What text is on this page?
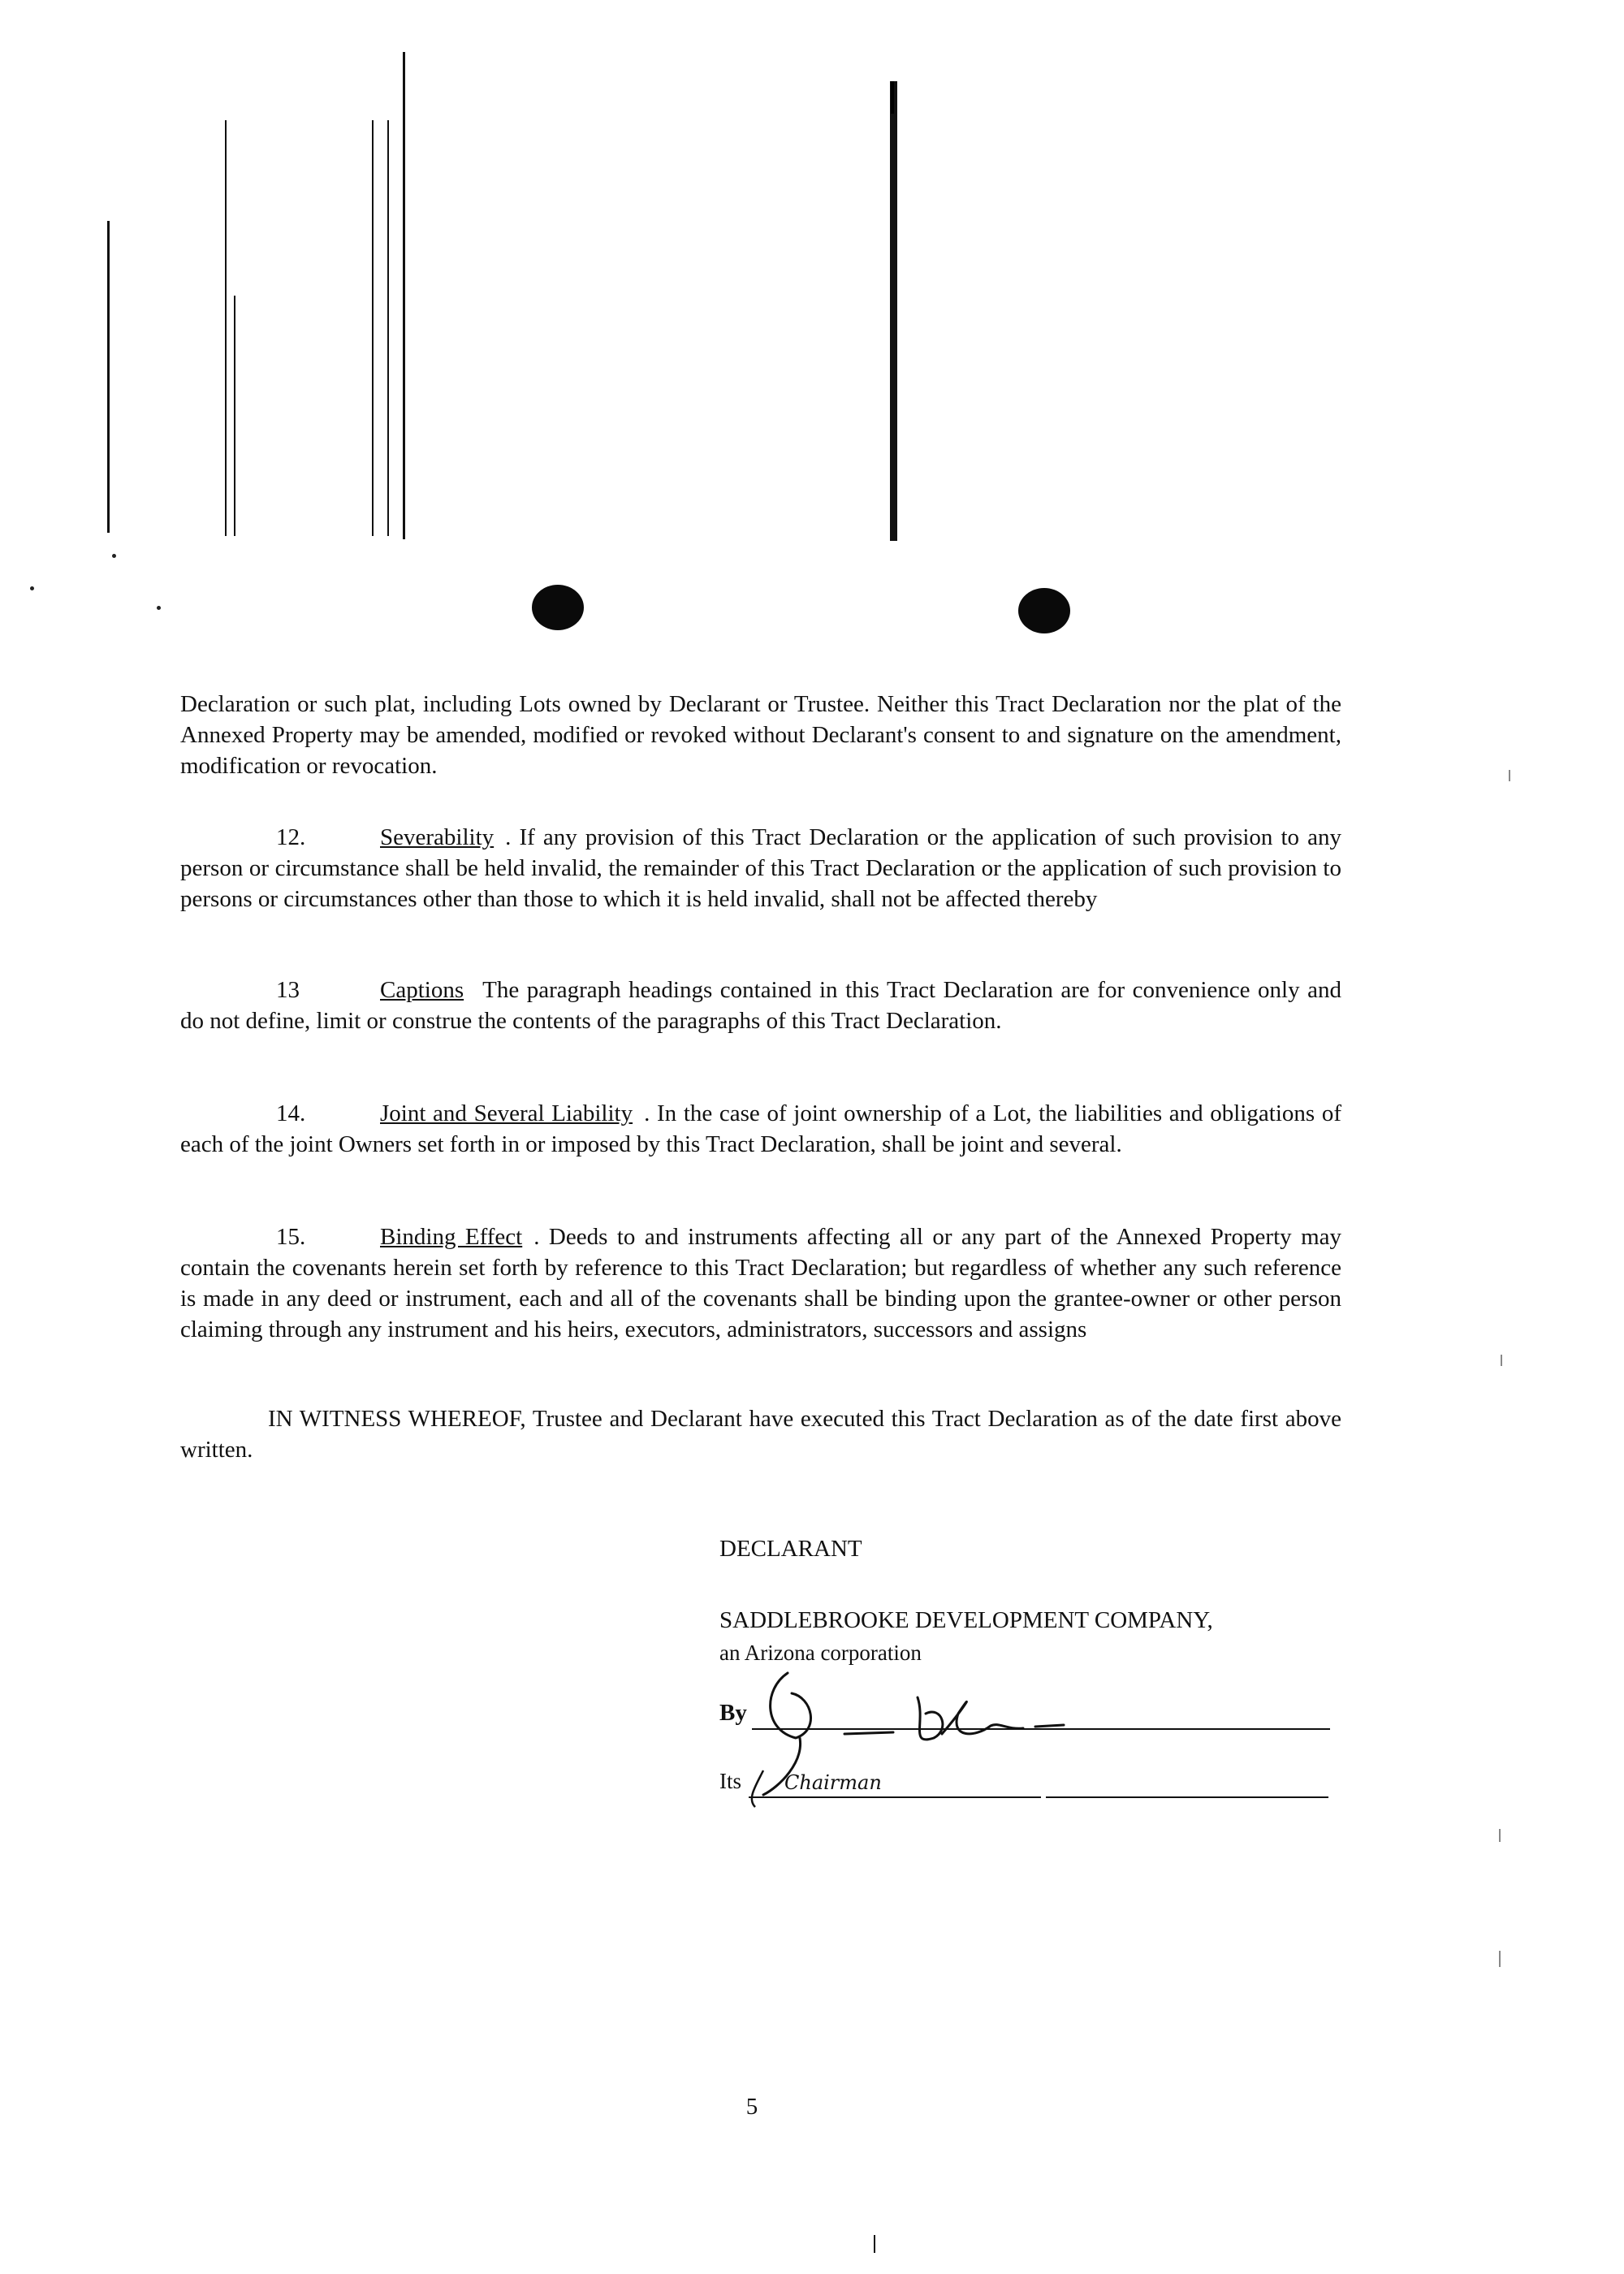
Declaration or such plat, including Lots owned by Declarant or Trustee. Neither this Tract Declaration nor the plat of the Annexed Property may be amended, modified or revoked without Declarant's consent to and signature on the amendment, modification or revocation.

12.	Severability . If any provision of this Tract Declaration or the application of such provision to any person or circumstance shall be held invalid, the remainder of this Tract Declaration or the application of such provision to persons or circumstances other than those to which it is held invalid, shall not be affected thereby

13	Captions The paragraph headings contained in this Tract Declaration are for convenience only and do not define, limit or construe the contents of the paragraphs of this Tract Declaration.

14.	Joint and Several Liability . In the case of joint ownership of a Lot, the liabilities and obligations of each of the joint Owners set forth in or imposed by this Tract Declaration, shall be joint and several.

15.	Binding Effect . Deeds to and instruments affecting all or any part of the Annexed Property may contain the covenants herein set forth by reference to this Tract Declaration; but regardless of whether any such reference is made in any deed or instrument, each and all of the covenants shall be binding upon the grantee-owner or other person claiming through any instrument and his heirs, executors, administrators, successors and assigns

IN WITNESS WHEREOF, Trustee and Declarant have executed this Tract Declaration as of the date first above written.

DECLARANT
SADDLEBROOKE DEVELOPMENT COMPANY,
an Arizona corporation
By
Its Chairman
5
